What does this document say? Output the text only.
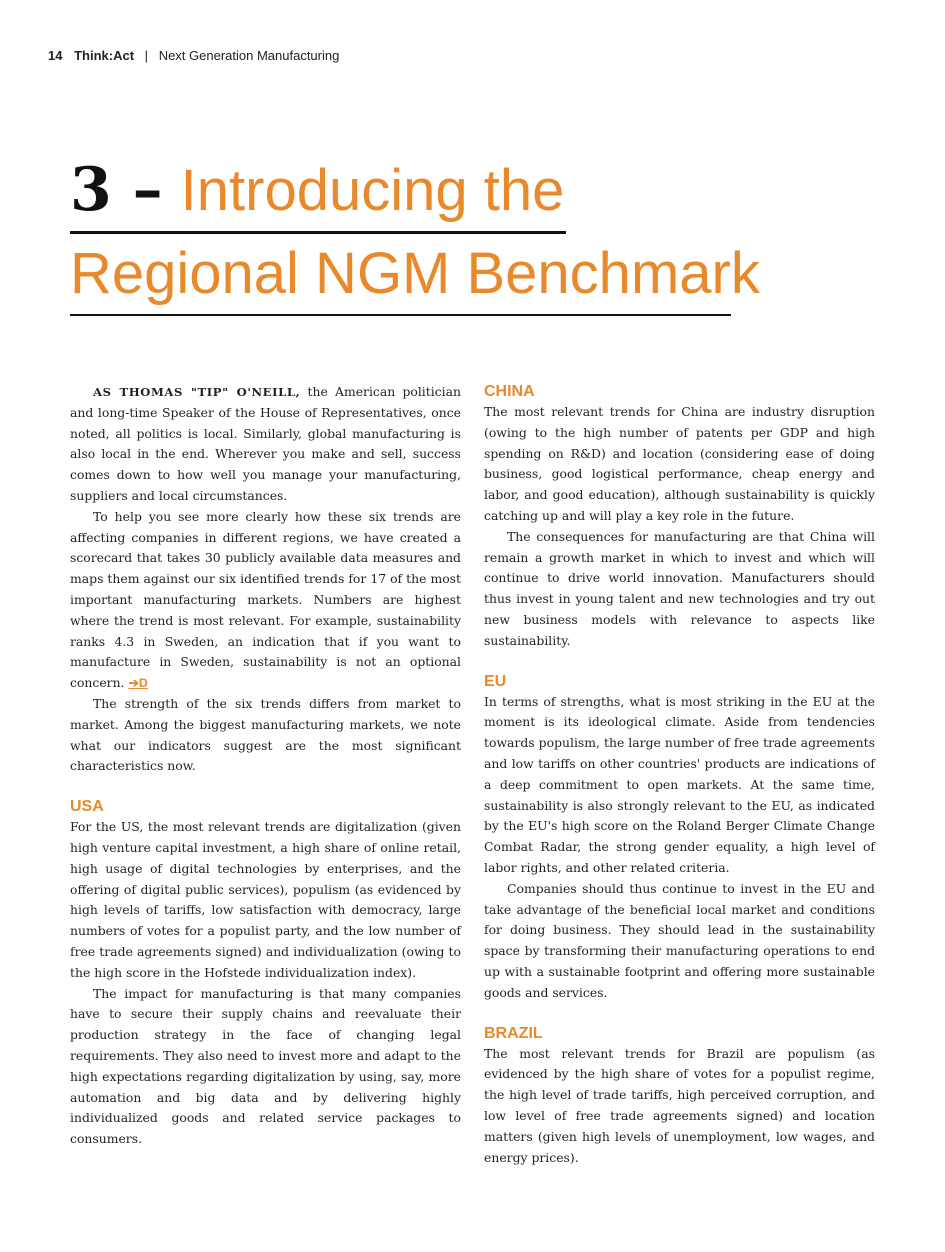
14 Think:Act | Next Generation Manufacturing
3 – Introducing the
Regional NGM Benchmark

AS THOMAS "TIP" O'NEILL, the American politician and long-time Speaker of the House of Representatives, once noted, all politics is local. Similarly, global manufacturing is also local in the end. Wherever you make and sell, success comes down to how well you manage your manufacturing, suppliers and local circumstances.

To help you see more clearly how these six trends are affecting companies in different regions, we have created a scorecard that takes 30 publicly available data measures and maps them against our six identified trends for 17 of the most important manufacturing markets. Numbers are highest where the trend is most relevant. For example, sustainability ranks 4.3 in Sweden, an indication that if you want to manufacture in Sweden, sustainability is not an optional concern. ➔D

The strength of the six trends differs from market to market. Among the biggest manufacturing markets, we note what our indicators suggest are the most significant characteristics now.

USA

For the US, the most relevant trends are digitalization (given high venture capital investment, a high share of online retail, high usage of digital technologies by enterprises, and the offering of digital public services), populism (as evidenced by high levels of tariffs, low satisfaction with democracy, large numbers of votes for a populist party, and the low number of free trade agreements signed) and individualization (owing to the high score in the Hofstede individualization index).

The impact for manufacturing is that many companies have to secure their supply chains and reevaluate their production strategy in the face of changing legal requirements. They also need to invest more and adapt to the high expectations regarding digitalization by using, say, more automation and big data and by delivering highly individualized goods and related service packages to consumers.

CHINA

The most relevant trends for China are industry disruption (owing to the high number of patents per GDP and high spending on R&D) and location (considering ease of doing business, good logistical performance, cheap energy and labor, and good education), although sustainability is quickly catching up and will play a key role in the future.

The consequences for manufacturing are that China will remain a growth market in which to invest and which will continue to drive world innovation. Manufacturers should thus invest in young talent and new technologies and try out new business models with relevance to aspects like sustainability.

EU

In terms of strengths, what is most striking in the EU at the moment is its ideological climate. Aside from tendencies towards populism, the large number of free trade agreements and low tariffs on other countries' products are indications of a deep commitment to open markets. At the same time, sustainability is also strongly relevant to the EU, as indicated by the EU's high score on the Roland Berger Climate Change Combat Radar, the strong gender equality, a high level of labor rights, and other related criteria.

Companies should thus continue to invest in the EU and take advantage of the beneficial local market and conditions for doing business. They should lead in the sustainability space by transforming their manufacturing operations to end up with a sustainable footprint and offering more sustainable goods and services.

BRAZIL

The most relevant trends for Brazil are populism (as evidenced by the high share of votes for a populist regime, the high level of trade tariffs, high perceived corruption, and low level of free trade agreements signed) and location matters (given high levels of unemployment, low wages, and energy prices).
